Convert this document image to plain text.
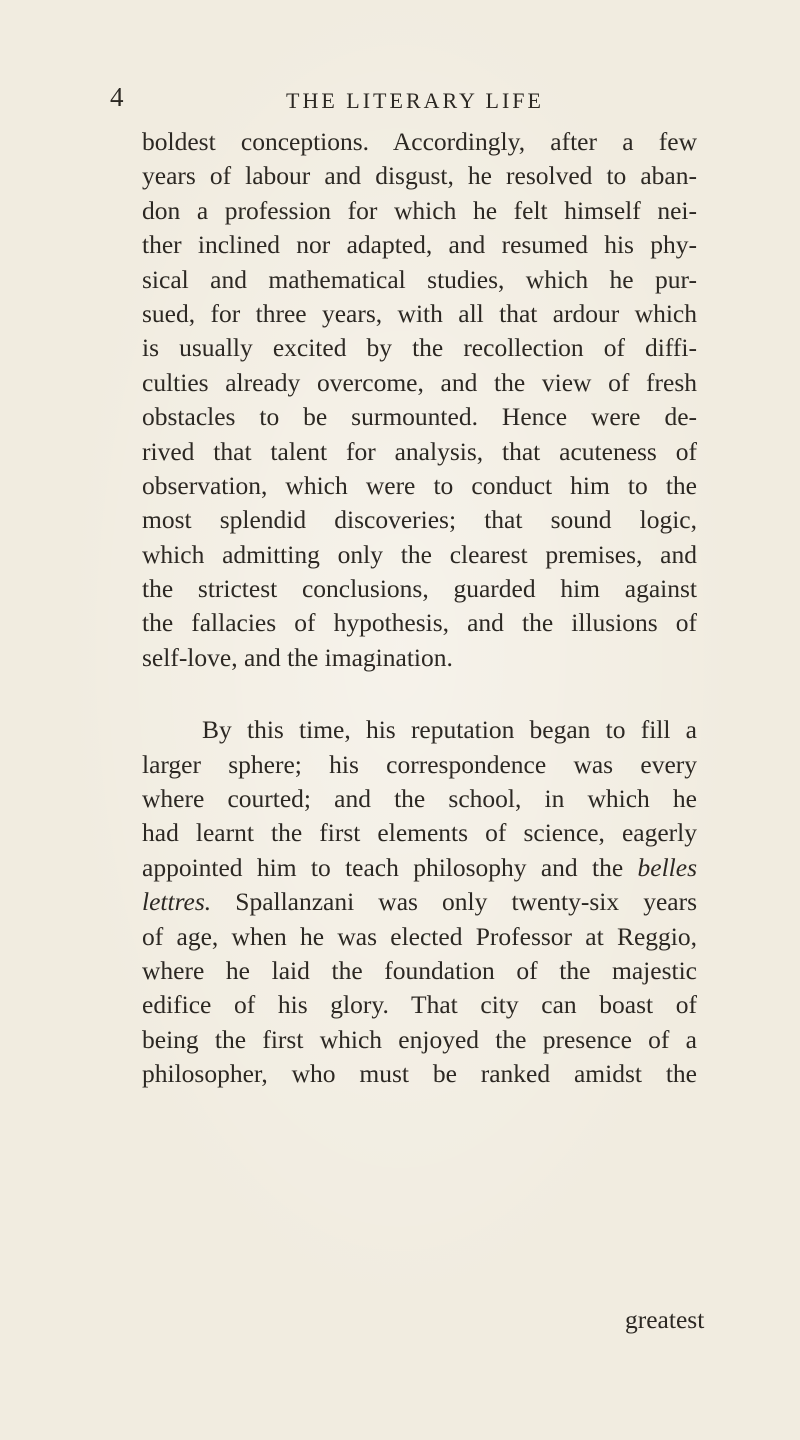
4	THE LITERARY LIFE
boldest conceptions. Accordingly, after a few
years of labour and disgust, he resolved to aban-
don a profession for which he felt himself nei-
ther inclined nor adapted, and resumed his phy-
sical and mathematical studies, which he pur-
sued, for three years, with all that ardour which
is usually excited by the recollection of diffi-
culties already overcome, and the view of fresh
obstacles to be surmounted. Hence were de-
rived that talent for analysis, that acuteness of
observation, which were to conduct him to the
most splendid discoveries; that sound logic,
which admitting only the clearest premises, and
the strictest conclusions, guarded him against
the fallacies of hypothesis, and the illusions of
self-love, and the imagination.
By this time, his reputation began to fill a
larger sphere; his correspondence was every
where courted; and the school, in which he
had learnt the first elements of science, eagerly
appointed him to teach philosophy and the belles
lettres. Spallanzani was only twenty-six years
of age, when he was elected Professor at Reggio,
where he laid the foundation of the majestic
edifice of his glory. That city can boast of
being the first which enjoyed the presence of a
philosopher, who must be ranked amidst the
greatest
